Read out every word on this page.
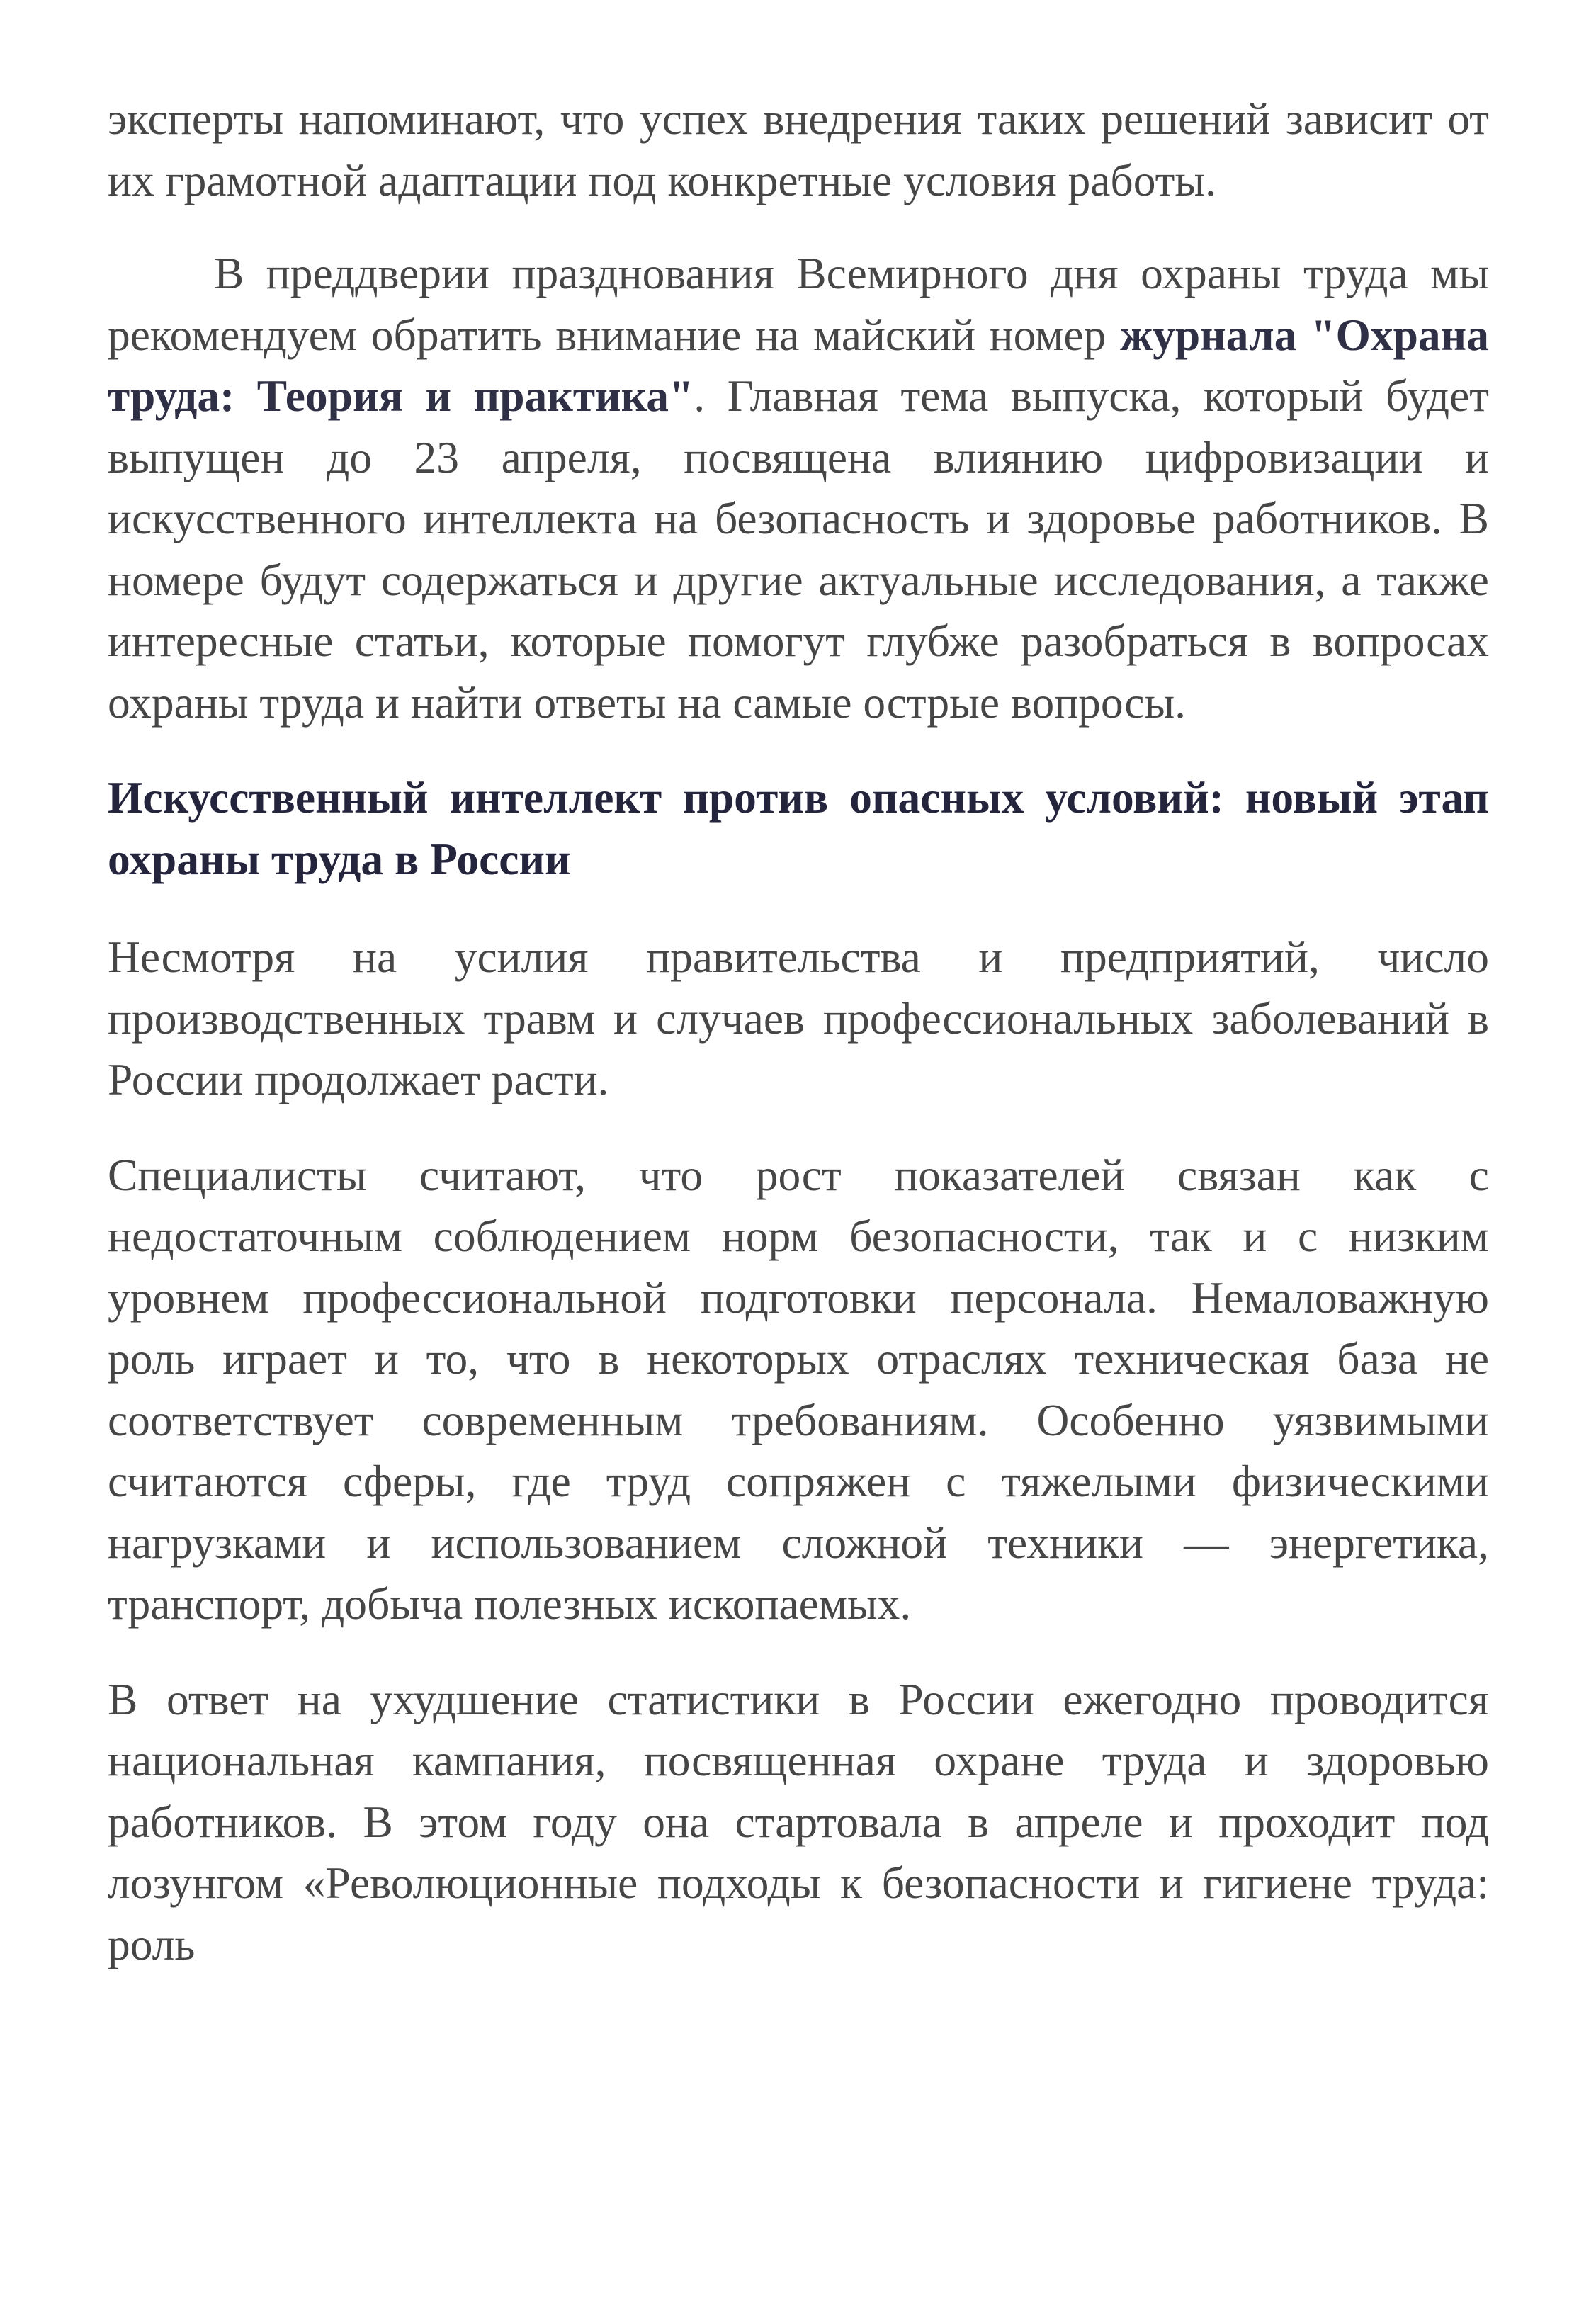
эксперты напоминают, что успех внедрения таких решений зависит от их грамотной адаптации под конкретные условия работы.

В преддверии празднования Всемирного дня охраны труда мы рекомендуем обратить внимание на майский номер журнала "Охрана труда: Теория и практика". Главная тема выпуска, который будет выпущен до 23 апреля, посвящена влиянию цифровизации и искусственного интеллекта на безопасность и здоровье работников. В номере будут содержаться и другие актуальные исследования, а также интересные статьи, которые помогут глубже разобраться в вопросах охраны труда и найти ответы на самые острые вопросы.

Искусственный интеллект против опасных условий: новый этап охраны труда в России

Несмотря на усилия правительства и предприятий, число производственных травм и случаев профессиональных заболеваний в России продолжает расти.

Специалисты считают, что рост показателей связан как с недостаточным соблюдением норм безопасности, так и с низким уровнем профессиональной подготовки персонала. Немаловажную роль играет и то, что в некоторых отраслях техническая база не соответствует современным требованиям. Особенно уязвимыми считаются сферы, где труд сопряжен с тяжелыми физическими нагрузками и использованием сложной техники — энергетика, транспорт, добыча полезных ископаемых.

В ответ на ухудшение статистики в России ежегодно проводится национальная кампания, посвященная охране труда и здоровью работников. В этом году она стартовала в апреле и проходит под лозунгом «Революционные подходы к безопасности и гигиене труда: роль
